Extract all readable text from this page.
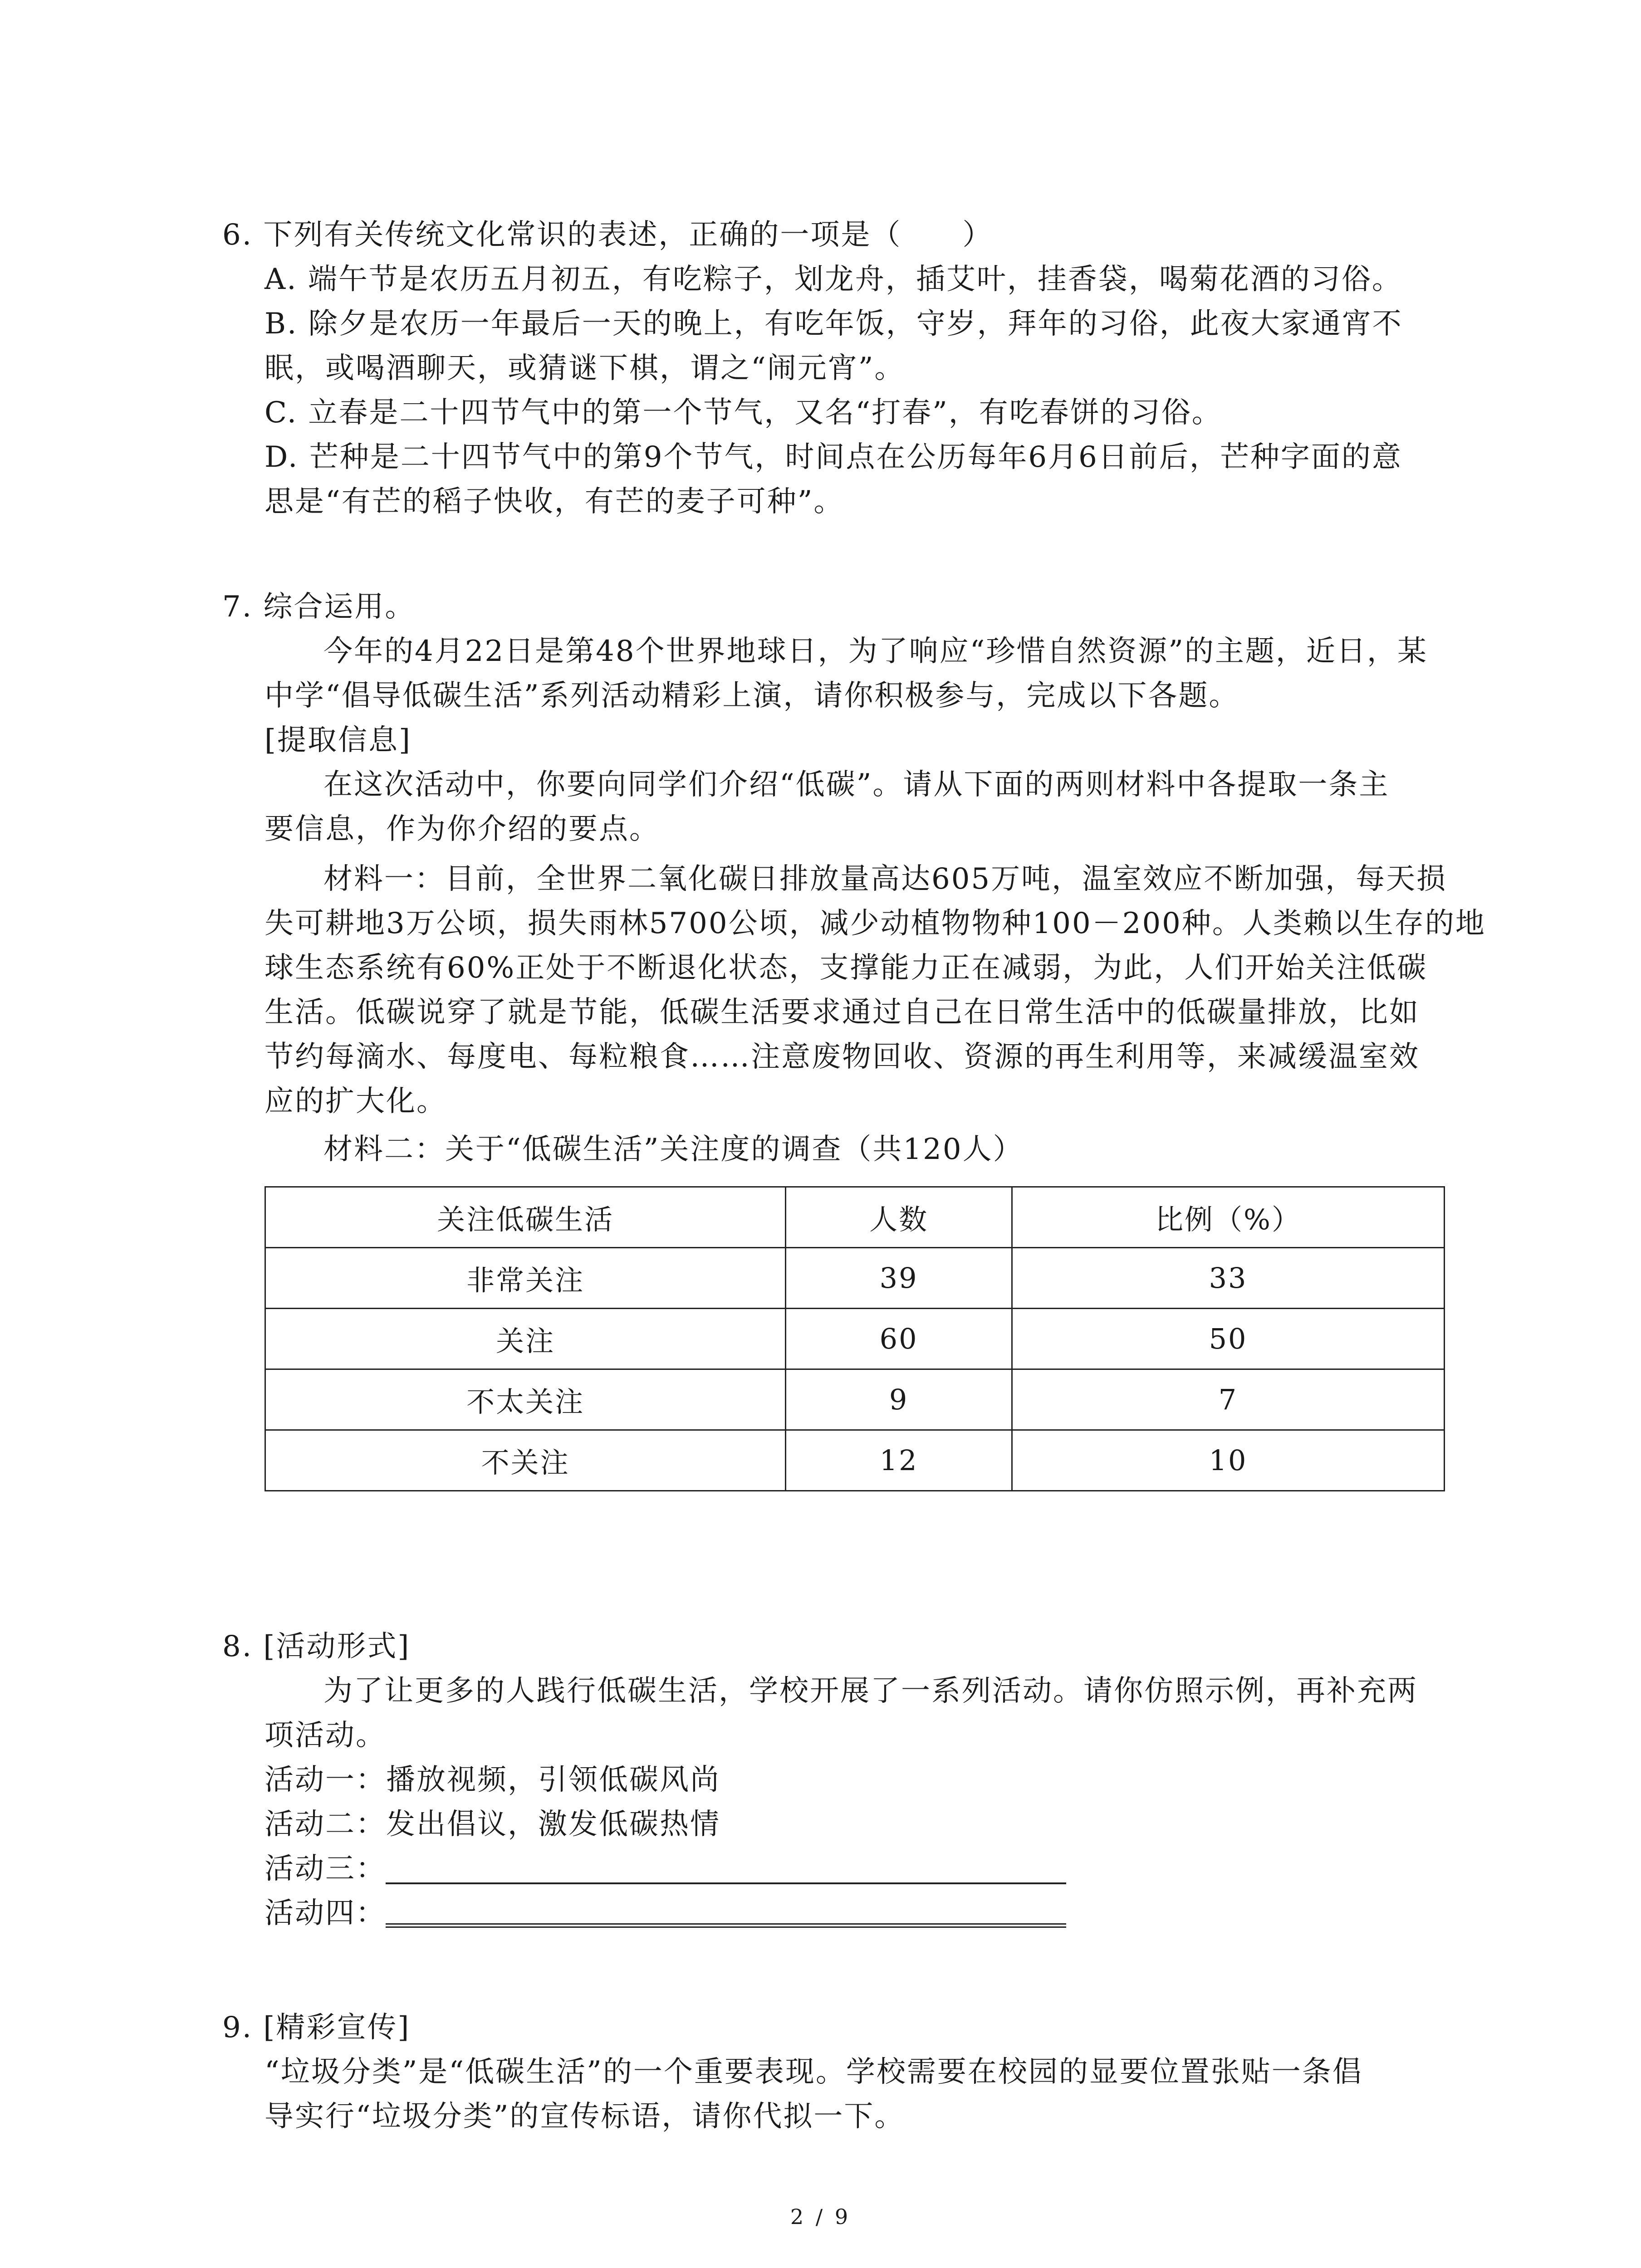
6. 下列有关传统文化常识的表述，正确的一项是（　　）
A. 端午节是农历五月初五，有吃粽子，划龙舟，插艾叶，挂香袋，喝菊花酒的习俗。
B. 除夕是农历一年最后一天的晚上，有吃年饭，守岁，拜年的习俗，此夜大家通宵不
眠，或喝酒聊天，或猜谜下棋，谓之“闹元宵”。
C. 立春是二十四节气中的第一个节气，又名“打春”，有吃春饼的习俗。
D. 芒种是二十四节气中的第9个节气，时间点在公历每年6月6日前后，芒种字面的意
思是“有芒的稻子快收，有芒的麦子可种”。
7. 综合运用。
今年的4月22日是第48个世界地球日，为了响应“珍惜自然资源”的主题，近日，某
中学“倡导低碳生活”系列活动精彩上演，请你积极参与，完成以下各题。
[提取信息]
在这次活动中，你要向同学们介绍“低碳”。请从下面的两则材料中各提取一条主
要信息，作为你介绍的要点。
材料一：目前，全世界二氧化碳日排放量高达605万吨，温室效应不断加强，每天损
失可耕地3万公顷，损失雨林5700公顷，减少动植物物种100－200种。人类赖以生存的地
球生态系统有60%正处于不断退化状态，支撑能力正在减弱，为此，人们开始关注低碳
生活。低碳说穿了就是节能，低碳生活要求通过自己在日常生活中的低碳量排放，比如
节约每滴水、每度电、每粒粮食……注意废物回收、资源的再生利用等，来减缓温室效
应的扩大化。
材料二：关于“低碳生活”关注度的调查（共120人）
关注低碳生活	人数	比例（%）
非常关注	39	33
关注	60	50
不太关注	9	7
不关注	12	10
8. [活动形式]
为了让更多的人践行低碳生活，学校开展了一系列活动。请你仿照示例，再补充两
项活动。
活动一：播放视频，引领低碳风尚
活动二：发出倡议，激发低碳热情
活动三：
活动四：
9. [精彩宣传]
“垃圾分类”是“低碳生活”的一个重要表现。学校需要在校园的显要位置张贴一条倡
导实行“垃圾分类”的宣传标语，请你代拟一下。
2 / 9
